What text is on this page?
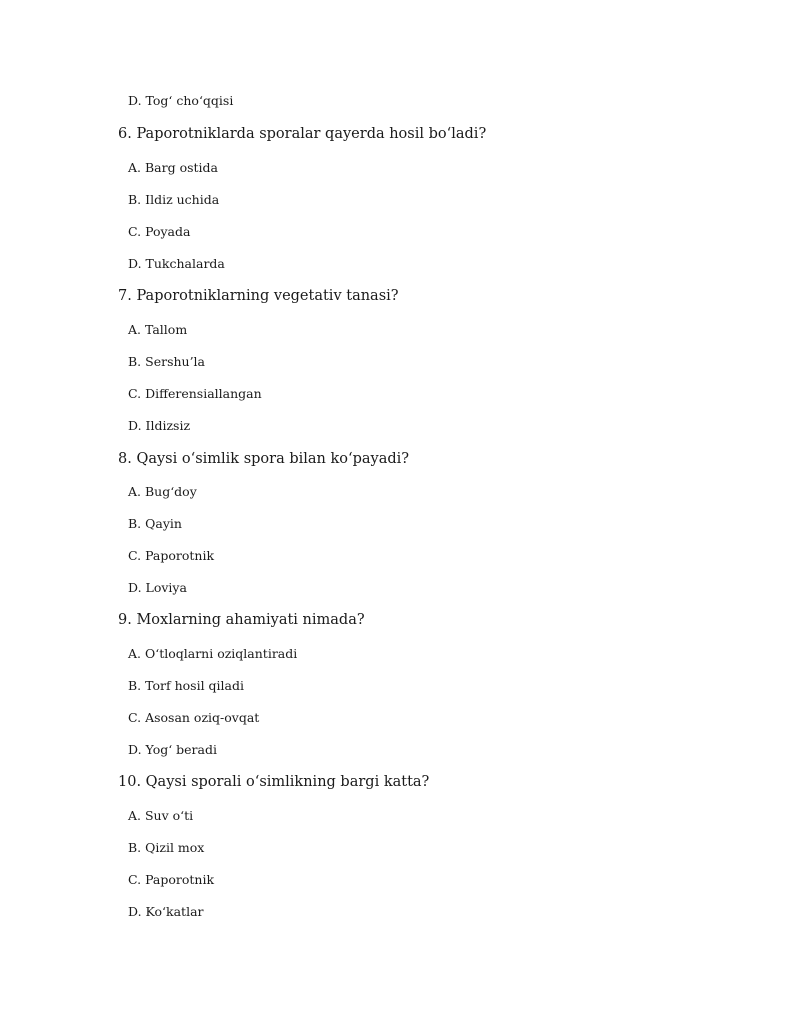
D. Tog‘ cho‘qqisi
6. Paporotniklarda sporalar qayerda hosil bo‘ladi?
A. Barg ostida
B. Ildiz uchida
C. Poyada
D. Tukchalarda
7. Paporotniklarning vegetativ tanasi?
A. Tallom
B. Sershu’la
C. Differensiallangan
D. Ildizsiz
8. Qaysi o‘simlik spora bilan ko‘payadi?
A. Bug‘doy
B. Qayin
C. Paporotnik
D. Loviya
9. Moxlarning ahamiyati nimada?
A. O‘tloqlarni oziqlantiradi
B. Torf hosil qiladi
C. Asosan oziq-ovqat
D. Yog‘ beradi
10. Qaysi sporali o‘simlikning bargi katta?
A. Suv o‘ti
B. Qizil mox
C. Paporotnik
D. Ko‘katlar
